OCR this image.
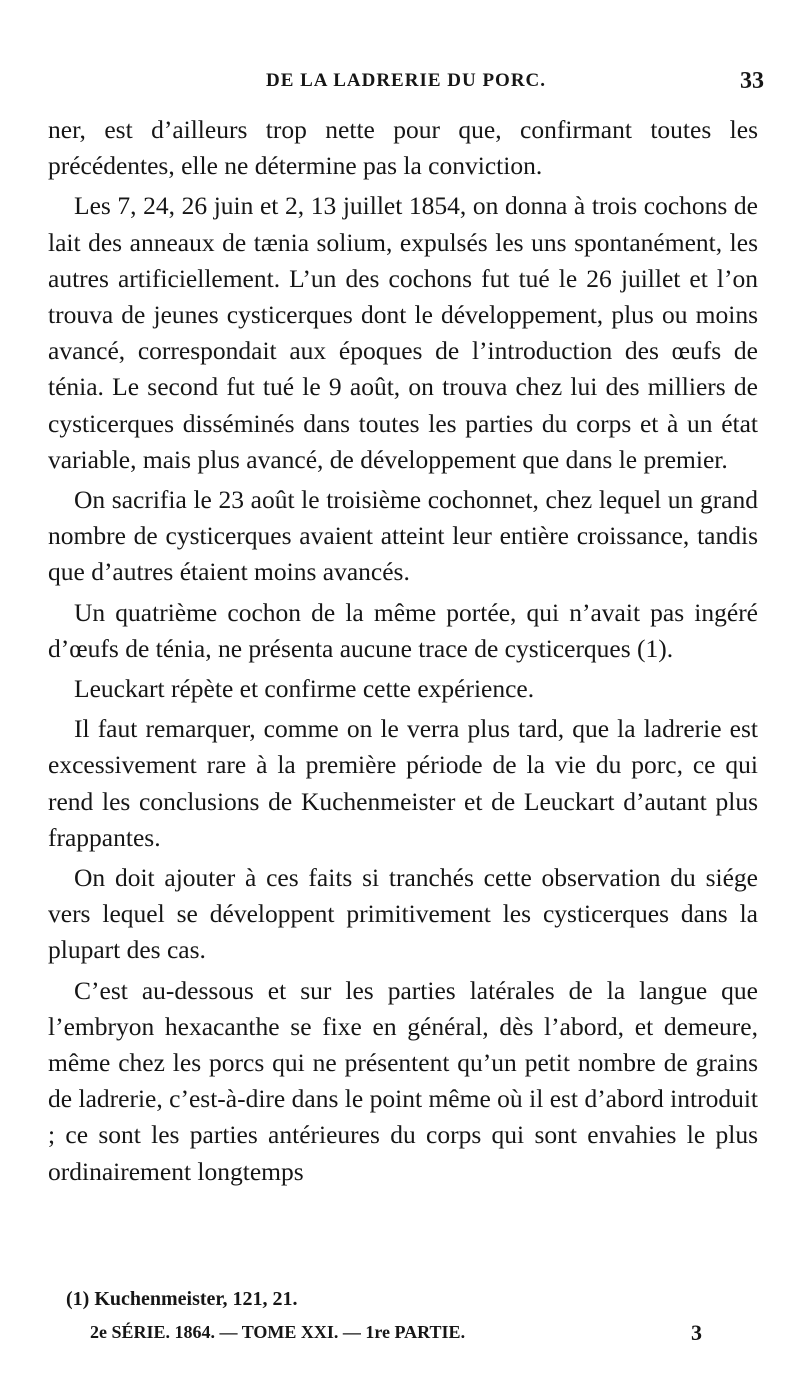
DE LA LADRERIE DU PORC.	33

ner, est d’ailleurs trop nette pour que, confirmant toutes les précédentes, elle ne détermine pas la conviction.

Les 7, 24, 26 juin et 2, 13 juillet 1854, on donna à trois cochons de lait des anneaux de tænia solium, expulsés les uns spontanément, les autres artificiellement. L’un des cochons fut tué le 26 juillet et l’on trouva de jeunes cysticerques dont le développement, plus ou moins avancé, correspondait aux époques de l’introduction des œufs de ténia. Le second fut tué le 9 août, on trouva chez lui des milliers de cysticerques disséminés dans toutes les parties du corps et à un état variable, mais plus avancé, de développement que dans le premier.

On sacrifia le 23 août le troisième cochonnet, chez lequel un grand nombre de cysticerques avaient atteint leur entière croissance, tandis que d’autres étaient moins avancés.

Un quatrième cochon de la même portée, qui n’avait pas ingéré d’œufs de ténia, ne présenta aucune trace de cysticerques (1).

Leuckart répète et confirme cette expérience.

Il faut remarquer, comme on le verra plus tard, que la ladrerie est excessivement rare à la première période de la vie du porc, ce qui rend les conclusions de Kuchenmeister et de Leuckart d’autant plus frappantes.

On doit ajouter à ces faits si tranchés cette observation du siége vers lequel se développent primitivement les cysticerques dans la plupart des cas.

C’est au-dessous et sur les parties latérales de la langue que l’embryon hexacanthe se fixe en général, dès l’abord, et demeure, même chez les porcs qui ne présentent qu’un petit nombre de grains de ladrerie, c’est-à-dire dans le point même où il est d’abord introduit ; ce sont les parties antérieures du corps qui sont envahies le plus ordinairement longtemps

(1) Kuchenmeister, 121, 21.
2e SÉRIE. 1864. — TOME XXI. — 1re PARTIE.	3
